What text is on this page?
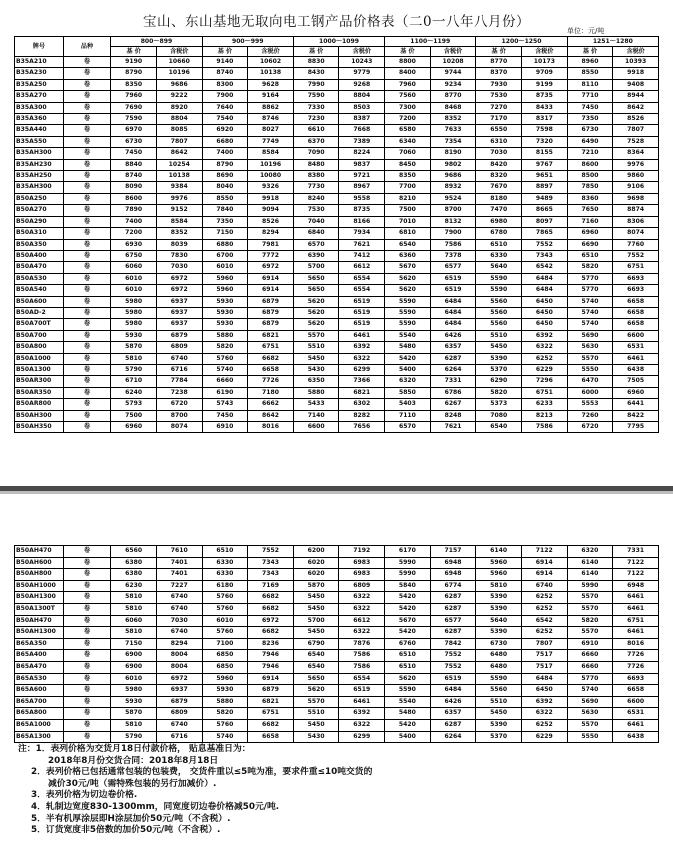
宝山、东山基地无取向电工钢产品价格表（二0一八年八月份）
单位：元/吨
牌号	品种	800～899		900～999		1000～1099		1100～1199		1200～1250		1251～1280	
		基 价	含税价	基 价	含税价	基 价	含税价	基 价	含税价	基 价	含税价	基 价	含税价
B35A210	卷	9190	10660	9140	10602	8830	10243	8800	10208	8770	10173	8960	10393
B35A230	卷	8790	10196	8740	10138	8430	9779	8400	9744	8370	9709	8550	9918
B35A250	卷	8350	9686	8300	9628	7990	9268	7960	9234	7930	9199	8110	9408
B35A270	卷	7960	9222	7900	9164	7590	8804	7560	8770	7530	8735	7710	8944
B35A300	卷	7690	8920	7640	8862	7330	8503	7300	8468	7270	8433	7450	8642
B35A360	卷	7590	8804	7540	8746	7230	8387	7200	8352	7170	8317	7350	8526
B35A440	卷	6970	8085	6920	8027	6610	7668	6580	7633	6550	7598	6730	7807
B35A550	卷	6730	7807	6680	7749	6370	7389	6340	7354	6310	7320	6490	7528
B35AH300	卷	7450	8642	7400	8584	7090	8224	7060	8190	7030	8155	7210	8364
B35AH230	卷	8840	10254	8790	10196	8480	9837	8450	9802	8420	9767	8600	9976
B35AH250	卷	8740	10138	8690	10080	8380	9721	8350	9686	8320	9651	8500	9860
B35AH300	卷	8090	9384	8040	9326	7730	8967	7700	8932	7670	8897	7850	9106
B50A250	卷	8600	9976	8550	9918	8240	9558	8210	9524	8180	9489	8360	9698
B50A270	卷	7890	9152	7840	9094	7530	8735	7500	8700	7470	8665	7650	8874
B50A290	卷	7400	8584	7350	8526	7040	8166	7010	8132	6980	8097	7160	8306
B50A310	卷	7200	8352	7150	8294	6840	7934	6810	7900	6780	7865	6960	8074
B50A350	卷	6930	8039	6880	7981	6570	7621	6540	7586	6510	7552	6690	7760
B50A400	卷	6750	7830	6700	7772	6390	7412	6360	7378	6330	7343	6510	7552
B50A470	卷	6060	7030	6010	6972	5700	6612	5670	6577	5640	6542	5820	6751
B50A530	卷	6010	6972	5960	6914	5650	6554	5620	6519	5590	6484	5770	6693
B50A540	卷	6010	6972	5960	6914	5650	6554	5620	6519	5590	6484	5770	6693
B50A600	卷	5980	6937	5930	6879	5620	6519	5590	6484	5560	6450	5740	6658
B50AD-2	卷	5980	6937	5930	6879	5620	6519	5590	6484	5560	6450	5740	6658
B50A700T	卷	5980	6937	5930	6879	5620	6519	5590	6484	5560	6450	5740	6658
B50A700	卷	5930	6879	5880	6821	5570	6461	5540	6426	5510	6392	5690	6600
B50A800	卷	5870	6809	5820	6751	5510	6392	5480	6357	5450	6322	5630	6531
B50A1000	卷	5810	6740	5760	6682	5450	6322	5420	6287	5390	6252	5570	6461
B50A1300	卷	5790	6716	5740	6658	5430	6299	5400	6264	5370	6229	5550	6438
B50AR300	卷	6710	7784	6660	7726	6350	7366	6320	7331	6290	7296	6470	7505
B50AR350	卷	6240	7238	6190	7180	5880	6821	5850	6786	5820	6751	6000	6960
B50AR800	卷	5793	6720	5743	6662	5433	6302	5403	6267	5373	6233	5553	6441
B50AH300	卷	7500	8700	7450	8642	7140	8282	7110	8248	7080	8213	7260	8422
B50AH350	卷	6960	8074	6910	8016	6600	7656	6570	7621	6540	7586	6720	7795
B50AH470	卷	6560	7610	6510	7552	6200	7192	6170	7157	6140	7122	6320	7331
B50AH600	卷	6380	7401	6330	7343	6020	6983	5990	6948	5960	6914	6140	7122
B50AH800	卷	6380	7401	6330	7343	6020	6983	5990	6948	5960	6914	6140	7122
B50AH1000	卷	6230	7227	6180	7169	5870	6809	5840	6774	5810	6740	5990	6948
B50AH1300	卷	5810	6740	5760	6682	5450	6322	5420	6287	5390	6252	5570	6461
B50A1300T	卷	5810	6740	5760	6682	5450	6322	5420	6287	5390	6252	5570	6461
B50AH470	卷	6060	7030	6010	6972	5700	6612	5670	6577	5640	6542	5820	6751
B50AH1300	卷	5810	6740	5760	6682	5450	6322	5420	6287	5390	6252	5570	6461
B65A350	卷	7150	8294	7100	8236	6790	7876	6760	7842	6730	7807	6910	8016
B65A400	卷	6900	8004	6850	7946	6540	7586	6510	7552	6480	7517	6660	7726
B65A470	卷	6900	8004	6850	7946	6540	7586	6510	7552	6480	7517	6660	7726
B65A530	卷	6010	6972	5960	6914	5650	6554	5620	6519	5590	6484	5770	6693
B65A600	卷	5980	6937	5930	6879	5620	6519	5590	6484	5560	6450	5740	6658
B65A700	卷	5930	6879	5880	6821	5570	6461	5540	6426	5510	6392	5690	6600
B65A800	卷	5870	6809	5820	6751	5510	6392	5480	6357	5450	6322	5630	6531
B65A1000	卷	5810	6740	5760	6682	5450	6322	5420	6287	5390	6252	5570	6461
B65A1300	卷	5790	6716	5740	6658	5430	6299	5400	6264	5370	6229	5550	6438
注：1．表列价格为交货月18日付款价格， 贴息基准日为：
2018年8月份交货合同：2018年8月18日
2．表列价格已包括通常包装的包装费， 交货件重以≤5吨为准，要求件重≤10吨交货的
减价30元/吨（需特殊包装的另行加减价）.
3．表列价格为切边卷价格.
4．轧制边宽度830-1300mm，同宽度切边卷价格减50元/吨.
5．半有机厚涂层即H涂层加价50元/吨（不含税）.
5．订货宽度非5倍数的加价50元/吨（不含税）.
